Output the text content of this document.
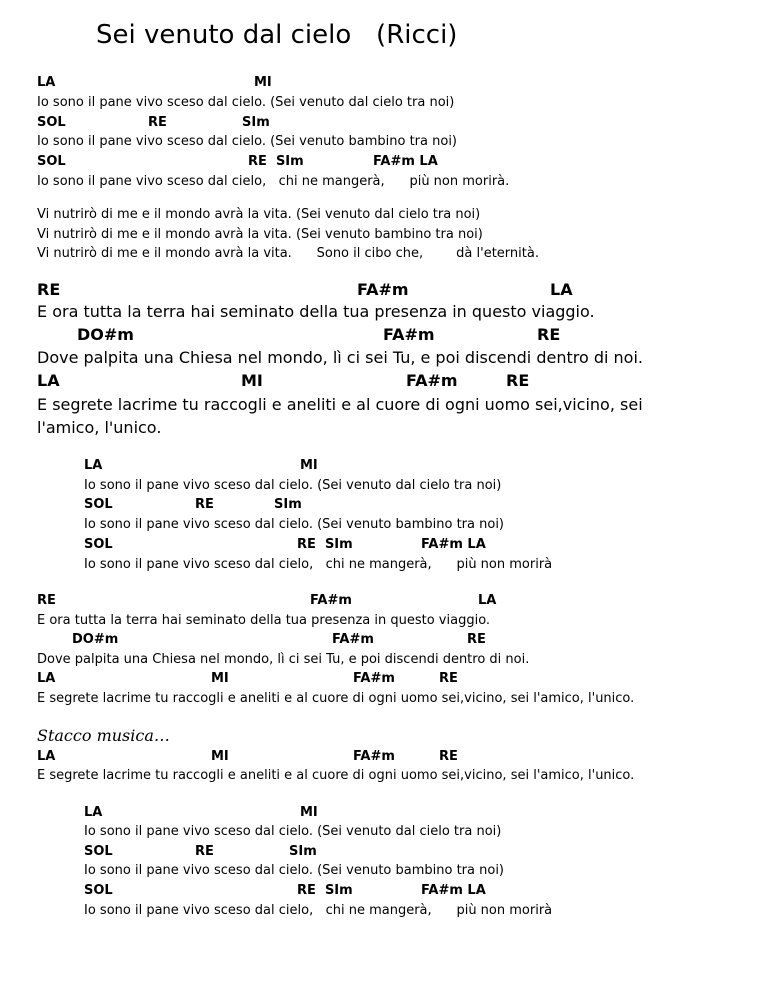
Sei venuto dal cielo   (Ricci)

LA

	MI

Io sono il pane vivo sceso dal cielo. (Sei venuto dal cielo tra noi)

SOL

	RE

	SIm

Io sono il pane vivo sceso dal cielo. (Sei venuto bambino tra noi)

SOL

	RE  SIm

	FA#m LA

Io sono il pane vivo sceso dal cielo,   chi ne mangerà,      più non morirà.
Vi nutrirò di me e il mondo avrà la vita. (Sei venuto dal cielo tra noi)
Vi nutrirò di me e il mondo avrà la vita. (Sei venuto bambino tra noi)
Vi nutrirò di me e il mondo avrà la vita.      Sono il cibo che,        dà l'eternità.

RE

	FA#m

	LA

E ora tutta la terra hai seminato della tua presenza in questo viaggio.

DO#m

	FA#m

	RE

Dove palpita una Chiesa nel mondo, lì ci sei Tu, e poi discendi dentro di noi.

LA

	MI

	FA#m

	RE

E segrete lacrime tu raccogli e aneliti e al cuore di ogni uomo sei,vicino, sei
l'amico, l'unico.

LA

	MI

Io sono il pane vivo sceso dal cielo. (Sei venuto dal cielo tra noi)

SOL

	RE

	SIm

Io sono il pane vivo sceso dal cielo. (Sei venuto bambino tra noi)

SOL

	RE  SIm

	FA#m LA

Io sono il pane vivo sceso dal cielo,   chi ne mangerà,      più non morirà

RE

	FA#m

	LA

E ora tutta la terra hai seminato della tua presenza in questo viaggio.

DO#m

	FA#m

	RE

Dove palpita una Chiesa nel mondo, lì ci sei Tu, e poi discendi dentro di noi.

LA

	MI

	FA#m

	RE

E segrete lacrime tu raccogli e aneliti e al cuore di ogni uomo sei,vicino, sei l'amico, l'unico.
Stacco musica…

LA

	MI

	FA#m

	RE

E segrete lacrime tu raccogli e aneliti e al cuore di ogni uomo sei,vicino, sei l'amico, l'unico.

LA

	MI

Io sono il pane vivo sceso dal cielo. (Sei venuto dal cielo tra noi)

SOL

	RE

	SIm

Io sono il pane vivo sceso dal cielo. (Sei venuto bambino tra noi)

SOL

	RE  SIm

	FA#m LA

Io sono il pane vivo sceso dal cielo,   chi ne mangerà,      più non morirà
